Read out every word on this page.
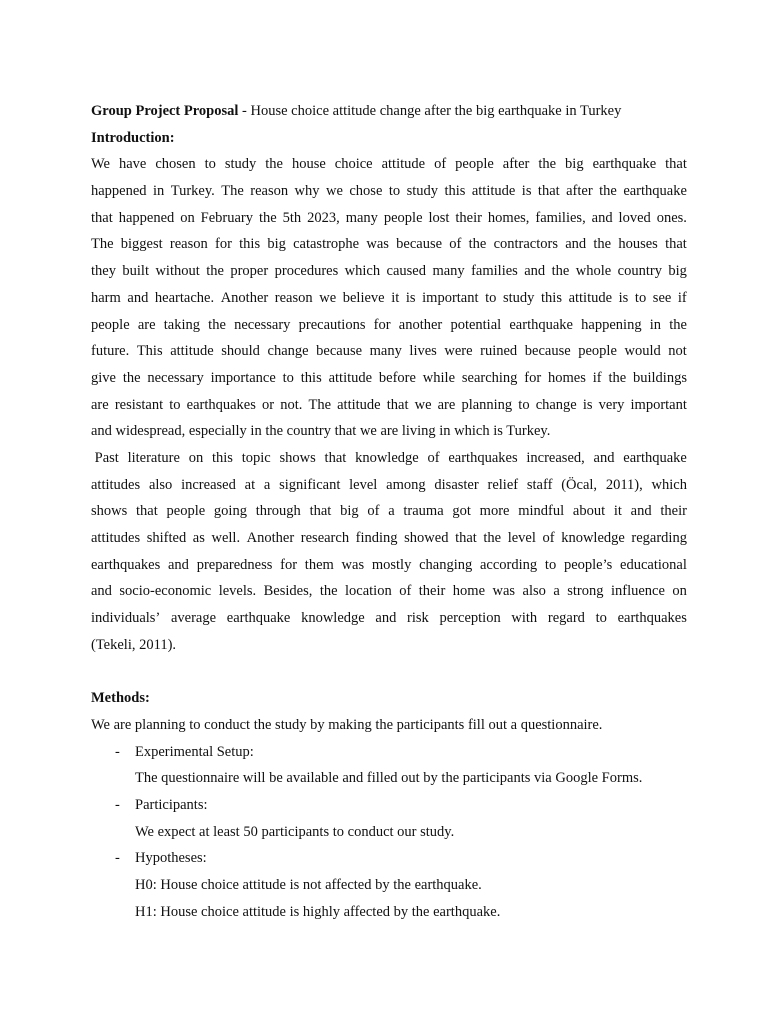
Group Project Proposal - House choice attitude change after the big earthquake in Turkey
Introduction:
We have chosen to study the house choice attitude of people after the big earthquake that
happened in Turkey. The reason why we chose to study this attitude is that after the earthquake
that happened on February the 5th 2023, many people lost their homes, families, and loved ones.
The biggest reason for this big catastrophe was because of the contractors and the houses that
they built without the proper procedures which caused many families and the whole country big
harm and heartache. Another reason we believe it is important to study this attitude is to see if
people are taking the necessary precautions for another potential earthquake happening in the
future. This attitude should change because many lives were ruined because people would not
give the necessary importance to this attitude before while searching for homes if the buildings
are resistant to earthquakes or not. The attitude that we are planning to change is very important
and widespread, especially in the country that we are living in which is Turkey.
Past literature on this topic shows that knowledge of earthquakes increased, and earthquake
attitudes also increased at a significant level among disaster relief staff (Öcal, 2011), which
shows that people going through that big of a trauma got more mindful about it and their
attitudes shifted as well. Another research finding showed that the level of knowledge regarding
earthquakes and preparedness for them was mostly changing according to people’s educational
and socio-economic levels. Besides, the location of their home was also a strong influence on
individuals’ average earthquake knowledge and risk perception with regard to earthquakes
(Tekeli, 2011).
Methods:
We are planning to conduct the study by making the participants fill out a questionnaire.
- Experimental Setup:
The questionnaire will be available and filled out by the participants via Google Forms.
- Participants:
We expect at least 50 participants to conduct our study.
- Hypotheses:
H0: House choice attitude is not affected by the earthquake.
H1: House choice attitude is highly affected by the earthquake.
